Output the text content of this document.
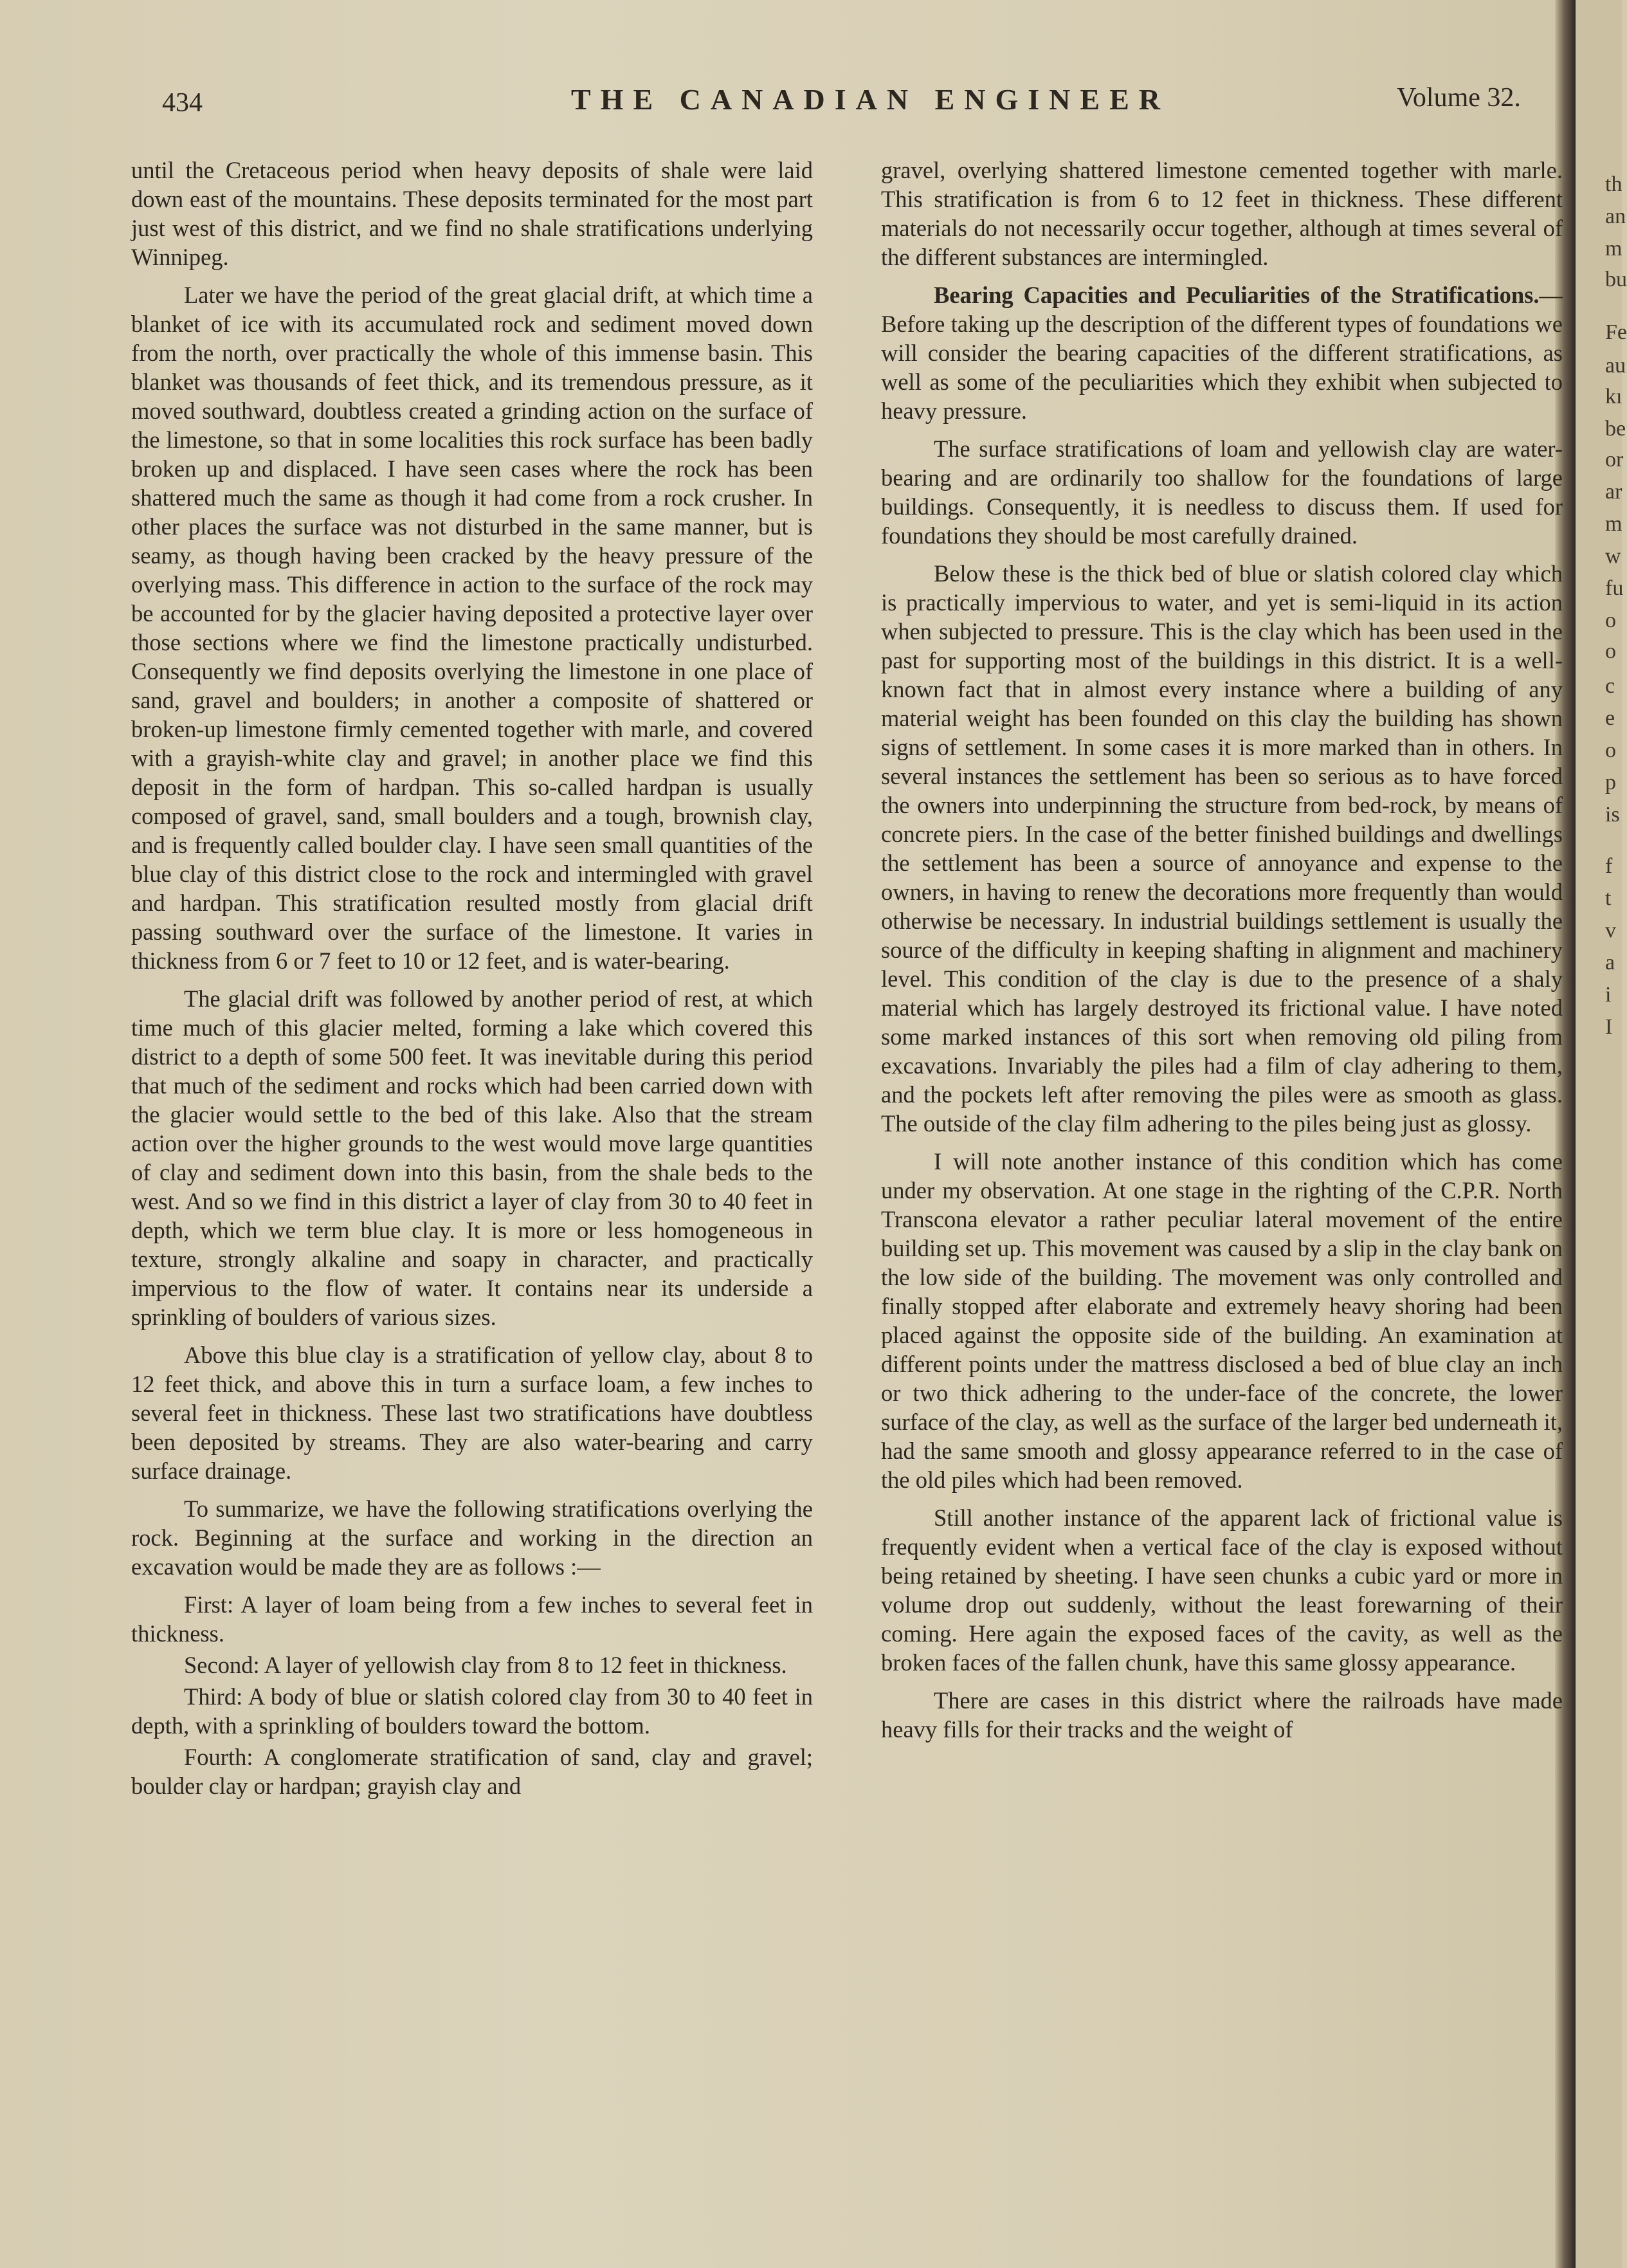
th
an
m
bu
Fe
au
kı
be
or
ar
m
w
fu
o
o
c
e
o
p
is
f
t
v
a
i
I
434	THE CANADIAN ENGINEER	Volume 32.

until the Cretaceous period when heavy deposits of shale were laid down east of the mountains. These deposits terminated for the most part just west of this district, and we find no shale stratifications underlying Winnipeg.

Later we have the period of the great glacial drift, at which time a blanket of ice with its accumulated rock and sediment moved down from the north, over practically the whole of this immense basin. This blanket was thousands of feet thick, and its tremendous pressure, as it moved southward, doubtless created a grinding action on the surface of the limestone, so that in some localities this rock surface has been badly broken up and displaced. I have seen cases where the rock has been shattered much the same as though it had come from a rock crusher. In other places the surface was not disturbed in the same manner, but is seamy, as though having been cracked by the heavy pressure of the overlying mass. This difference in action to the surface of the rock may be accounted for by the glacier having deposited a protective layer over those sections where we find the limestone practically undisturbed. Consequently we find deposits overlying the limestone in one place of sand, gravel and boulders; in another a composite of shattered or broken-up limestone firmly cemented together with marle, and covered with a grayish-white clay and gravel; in another place we find this deposit in the form of hardpan. This so-called hardpan is usually composed of gravel, sand, small boulders and a tough, brownish clay, and is frequently called boulder clay. I have seen small quantities of the blue clay of this district close to the rock and intermingled with gravel and hardpan. This stratification resulted mostly from glacial drift passing southward over the surface of the limestone. It varies in thickness from 6 or 7 feet to 10 or 12 feet, and is water-bearing.

The glacial drift was followed by another period of rest, at which time much of this glacier melted, forming a lake which covered this district to a depth of some 500 feet. It was inevitable during this period that much of the sediment and rocks which had been carried down with the glacier would settle to the bed of this lake. Also that the stream action over the higher grounds to the west would move large quantities of clay and sediment down into this basin, from the shale beds to the west. And so we find in this district a layer of clay from 30 to 40 feet in depth, which we term blue clay. It is more or less homogeneous in texture, strongly alkaline and soapy in character, and practically impervious to the flow of water. It contains near its underside a sprinkling of boulders of various sizes.

Above this blue clay is a stratification of yellow clay, about 8 to 12 feet thick, and above this in turn a surface loam, a few inches to several feet in thickness. These last two stratifications have doubtless been deposited by streams. They are also water-bearing and carry surface drainage.

To summarize, we have the following stratifications overlying the rock. Beginning at the surface and working in the direction an excavation would be made they are as follows :—

First: A layer of loam being from a few inches to several feet in thickness.

Second: A layer of yellowish clay from 8 to 12 feet in thickness.

Third: A body of blue or slatish colored clay from 30 to 40 feet in depth, with a sprinkling of boulders toward the bottom.

Fourth: A conglomerate stratification of sand, clay and gravel; boulder clay or hardpan; grayish clay and

gravel, overlying shattered limestone cemented together with marle. This stratification is from 6 to 12 feet in thickness. These different materials do not necessarily occur together, although at times several of the different substances are intermingled.

Bearing Capacities and Peculiarities of the Stratifications.—Before taking up the description of the different types of foundations we will consider the bearing capacities of the different stratifications, as well as some of the peculiarities which they exhibit when subjected to heavy pressure.

The surface stratifications of loam and yellowish clay are water-bearing and are ordinarily too shallow for the foundations of large buildings. Consequently, it is needless to discuss them. If used for foundations they should be most carefully drained.

Below these is the thick bed of blue or slatish colored clay which is practically impervious to water, and yet is semi-liquid in its action when subjected to pressure. This is the clay which has been used in the past for supporting most of the buildings in this district. It is a well-known fact that in almost every instance where a building of any material weight has been founded on this clay the building has shown signs of settlement. In some cases it is more marked than in others. In several instances the settlement has been so serious as to have forced the owners into underpinning the structure from bed-rock, by means of concrete piers. In the case of the better finished buildings and dwellings the settlement has been a source of annoyance and expense to the owners, in having to renew the decorations more frequently than would otherwise be necessary. In industrial buildings settlement is usually the source of the difficulty in keeping shafting in alignment and machinery level. This condition of the clay is due to the presence of a shaly material which has largely destroyed its frictional value. I have noted some marked instances of this sort when removing old piling from excavations. Invariably the piles had a film of clay adhering to them, and the pockets left after removing the piles were as smooth as glass. The outside of the clay film adhering to the piles being just as glossy.

I will note another instance of this condition which has come under my observation. At one stage in the righting of the C.P.R. North Transcona elevator a rather peculiar lateral movement of the entire building set up. This movement was caused by a slip in the clay bank on the low side of the building. The movement was only controlled and finally stopped after elaborate and extremely heavy shoring had been placed against the opposite side of the building. An examination at different points under the mattress disclosed a bed of blue clay an inch or two thick adhering to the under-face of the concrete, the lower surface of the clay, as well as the surface of the larger bed underneath it, had the same smooth and glossy appearance referred to in the case of the old piles which had been removed.

Still another instance of the apparent lack of frictional value is frequently evident when a vertical face of the clay is exposed without being retained by sheeting. I have seen chunks a cubic yard or more in volume drop out suddenly, without the least forewarning of their coming. Here again the exposed faces of the cavity, as well as the broken faces of the fallen chunk, have this same glossy appearance.

There are cases in this district where the railroads have made heavy fills for their tracks and the weight of
